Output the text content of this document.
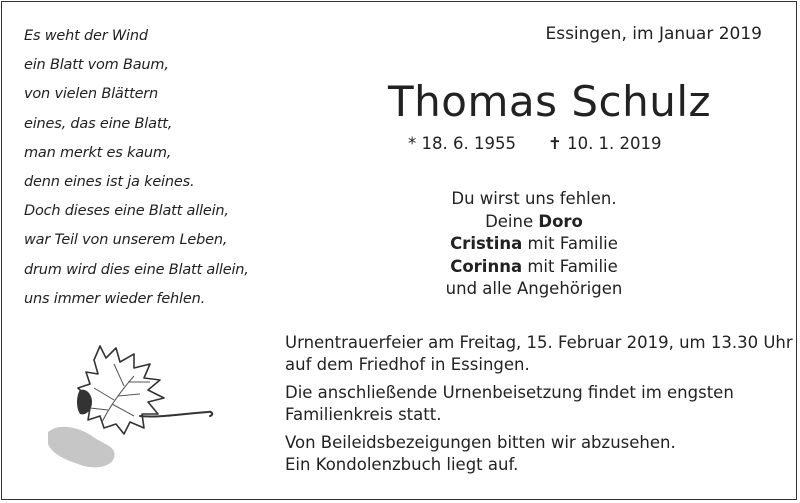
Es weht der Wind
ein Blatt vom Baum,
von vielen Blättern
eines, das eine Blatt,
man merkt es kaum,
denn eines ist ja keines.
Doch dieses eine Blatt allein,
war Teil von unserem Leben,
drum wird dies eine Blatt allein,
uns immer wieder fehlen.
Essingen, im Januar 2019
Thomas Schulz
* 18. 6. 1955 ✝ 10. 1. 2019
Du wirst uns fehlen.
Deine Doro
Cristina mit Familie
Corinna mit Familie
und alle Angehörigen

Urnentrauerfeier am Freitag, 15. Februar 2019, um 13.30 Uhr
auf dem Friedhof in Essingen.

Die anschließende Urnenbeisetzung findet im engsten
Familienkreis statt.

Von Beileidsbezeigungen bitten wir abzusehen.
Ein Kondolenzbuch liegt auf.
